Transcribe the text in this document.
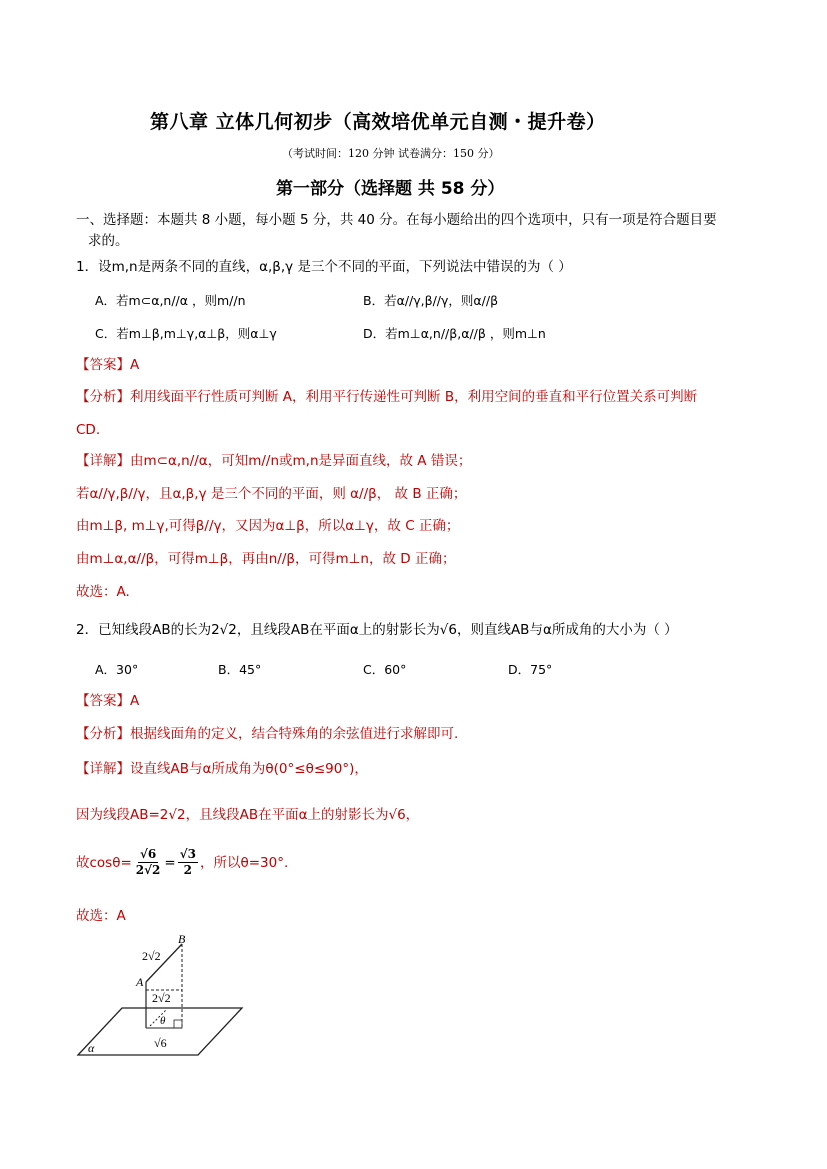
第八章 立体几何初步（高效培优单元自测・提升卷）
（考试时间：120 分钟 试卷满分：150 分）
第一部分（选择题 共 58 分）
一、选择题：本题共 8 小题，每小题 5 分，共 40 分。在每小题给出的四个选项中，只有一项是符合题目要
求的。
1．设m,n是两条不同的直线，α,β,γ 是三个不同的平面，下列说法中错误的为（ ）
A．若m⊂α,n//α ，则m//n	B．若α//γ,β//γ，则α//β
C．若m⊥β,m⊥γ,α⊥β，则α⊥γ	D．若m⊥α,n//β,α//β ，则m⊥n
【答案】A
【分析】利用线面平行性质可判断 A，利用平行传递性可判断 B，利用空间的垂直和平行位置关系可判断
CD.
【详解】由m⊂α,n//α，可知m//n或m,n是异面直线，故 A 错误；
若α//γ,β//γ，且α,β,γ 是三个不同的平面，则 α//β， 故 B 正确；
由m⊥β, m⊥γ,可得β//γ，又因为α⊥β，所以α⊥γ，故 C 正确；
由m⊥α,α//β，可得m⊥β，再由n//β，可得m⊥n，故 D 正确；
故选：A.
2．已知线段AB的长为2√2，且线段AB在平面α上的射影长为√6，则直线AB与α所成角的大小为（ ）
A．30°	B．45°	C．60°	D．75°
【答案】A
【分析】根据线面角的定义，结合特殊角的余弦值进行求解即可.
【详解】设直线AB与α所成角为θ(0°≤θ≤90°)，
因为线段AB=2√2，且线段AB在平面α上的射影长为√6，
故$\cos\theta= \frac{√6}{2√2} = \frac{√3}{2}$ ，所以θ=30°.
故选：A
B
A
2√2
2√2
θ
√6
α
